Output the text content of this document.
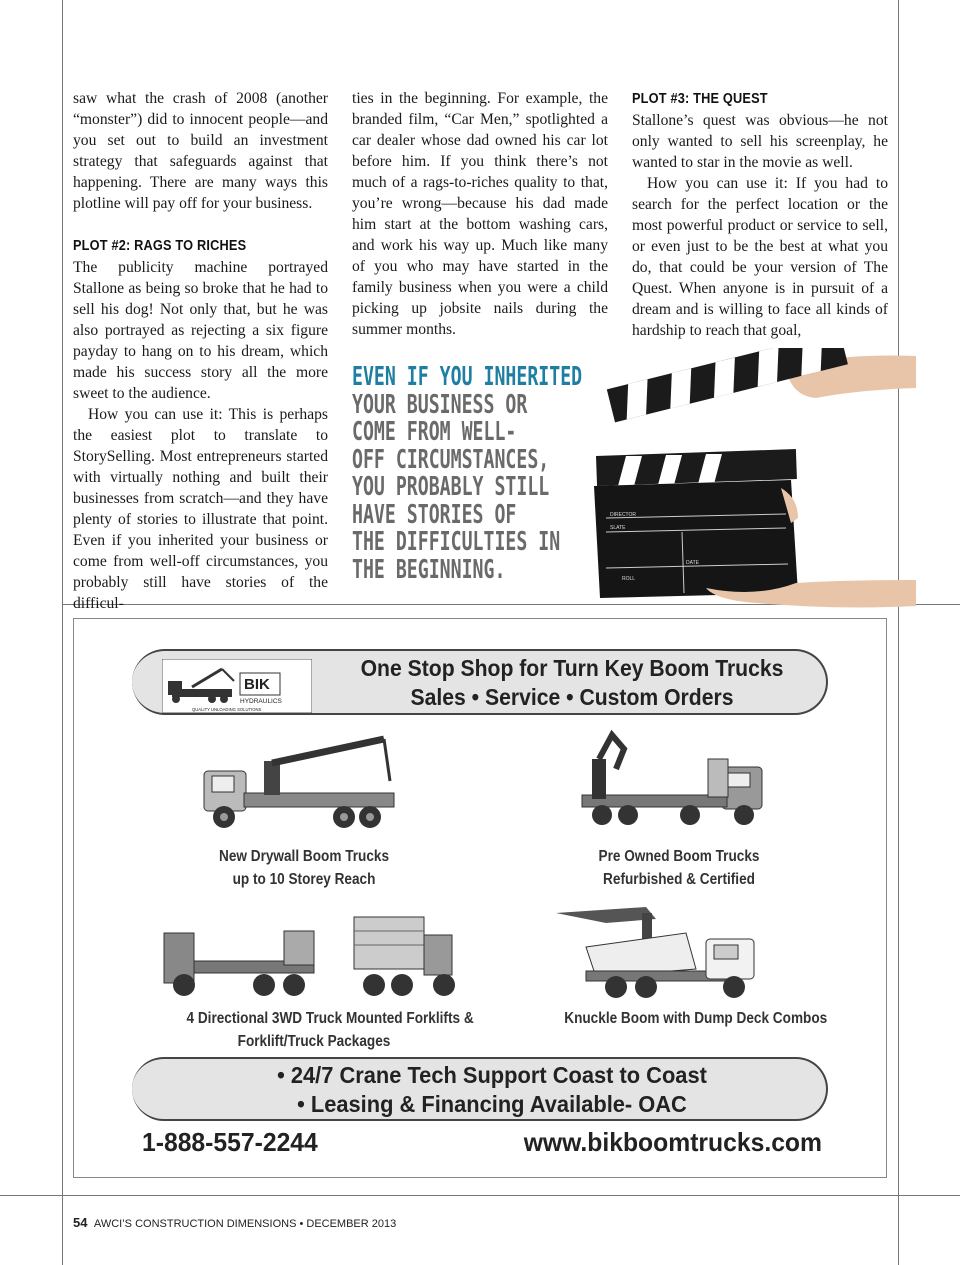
saw what the crash of 2008 (another “monster”) did to innocent people—and you set out to build an investment strategy that safeguards against that happening. There are many ways this plotline will pay off for your business.

PLOT #2: RAGS TO RICHES

The publicity machine portrayed Stallone as being so broke that he had to sell his dog! Not only that, but he was also portrayed as rejecting a six figure payday to hang on to his dream, which made his success story all the more sweet to the audience.

How you can use it: This is perhaps the easiest plot to translate to StorySelling. Most entrepreneurs started with virtually nothing and built their businesses from scratch—and they have plenty of stories to illustrate that point. Even if you inherited your business or come from well-off circumstances, you probably still have stories of the difficul-

ties in the beginning. For example, the branded film, “Car Men,” spotlighted a car dealer whose dad owned his car lot before him. If you think there’s not much of a rags-to-riches quality to that, you’re wrong—because his dad made him start at the bottom washing cars, and work his way up. Much like many of you who may have started in the family business when you were a child picking up jobsite nails during the summer months.

PLOT #3: THE QUEST

Stallone’s quest was obvious—he not only wanted to sell his screenplay, he wanted to star in the movie as well.

How you can use it: If you had to search for the perfect location or the most powerful product or service to sell, or even just to be the best at what you do, that could be your version of The Quest. When anyone is in pursuit of a dream and is willing to face all kinds of hardship to reach that goal,

EVEN IF YOU INHERITED
YOUR BUSINESS OR
COME FROM WELL-
OFF CIRCUMSTANCES,
YOU PROBABLY STILL
HAVE STORIES OF
THE DIFFICULTIES IN
THE BEGINNING.
DIRECTOR
SLATE
ROLL
DATE
BIK
HYDRAULICS
QUALITY UNLOADING SOLUTIONS
One Stop Shop for Turn Key Boom Trucks
Sales • Service • Custom Orders
New Drywall Boom Trucks
up to 10 Storey Reach
Pre Owned Boom Trucks
Refurbished & Certified
4 Directional 3WD Truck Mounted Forklifts &
Forklift/Truck Packages
Knuckle Boom with Dump Deck Combos
• 24/7 Crane Tech Support Coast to Coast
• Leasing & Financing Available- OAC
1-888-557-2244	www.bikboomtrucks.com
54 AWCI’S CONSTRUCTION DIMENSIONS • DECEMBER 2013
